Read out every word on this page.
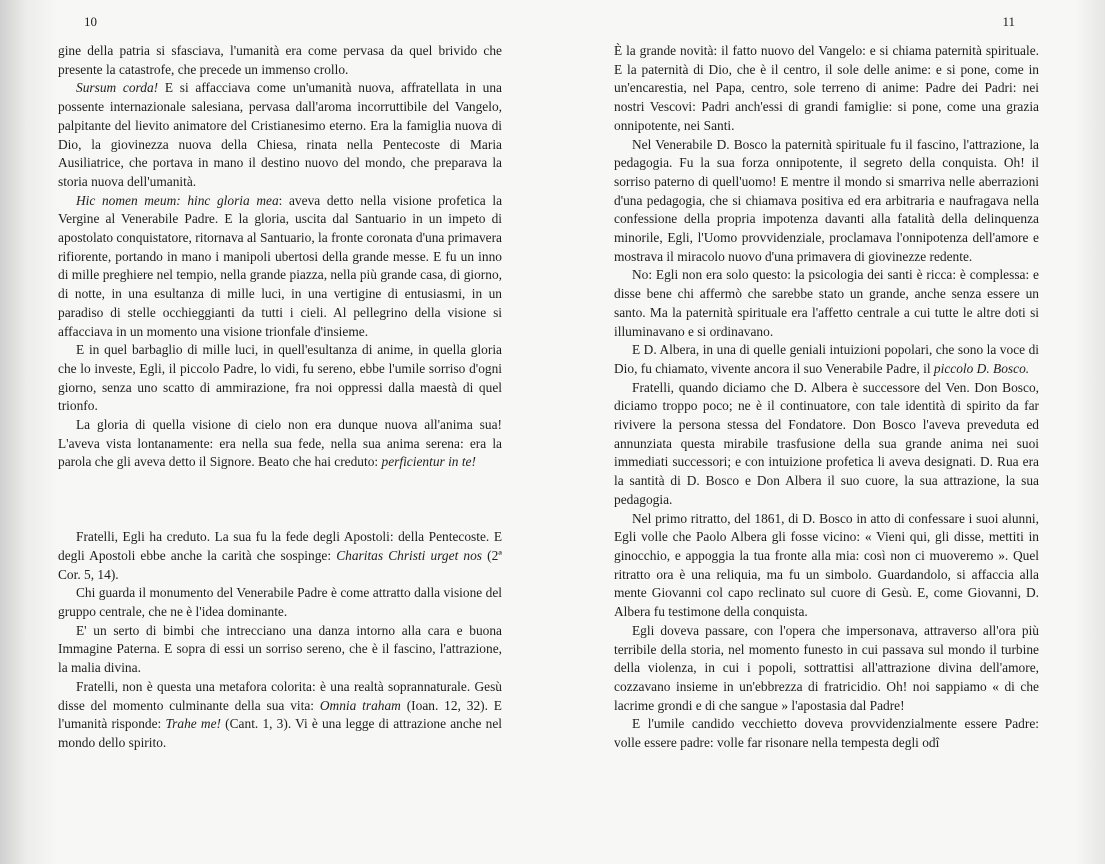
10

gine della patria si sfasciava, l'umanità era come pervasa da quel brivido che presente la catastrofe, che precede un immenso crollo.

Sursum corda! E si affacciava come un'umanità nuova, affratellata in una possente internazionale salesiana, pervasa dall'aroma incorruttibile del Vangelo, palpitante del lievito animatore del Cristianesimo eterno. Era la famiglia nuova di Dio, la giovinezza nuova della Chiesa, rinata nella Pentecoste di Maria Ausiliatrice, che portava in mano il destino nuovo del mondo, che preparava la storia nuova dell'umanità.

Hic nomen meum: hinc gloria mea: aveva detto nella visione profetica la Vergine al Venerabile Padre. E la gloria, uscita dal Santuario in un impeto di apostolato conquistatore, ritornava al Santuario, la fronte coronata d'una primavera rifiorente, portando in mano i manipoli ubertosi della grande messe. E fu un inno di mille preghiere nel tempio, nella grande piazza, nella più grande casa, di giorno, di notte, in una esultanza di mille luci, in una vertigine di entusiasmi, in un paradiso di stelle occhieggianti da tutti i cieli. Al pellegrino della visione si affacciava in un momento una visione trionfale d'insieme.

E in quel barbaglio di mille luci, in quell'esultanza di anime, in quella gloria che lo investe, Egli, il piccolo Padre, lo vidi, fu sereno, ebbe l'umile sorriso d'ogni giorno, senza uno scatto di ammirazione, fra noi oppressi dalla maestà di quel trionfo.

La gloria di quella visione di cielo non era dunque nuova all'anima sua! L'aveva vista lontanamente: era nella sua fede, nella sua anima serena: era la parola che gli aveva detto il Signore. Beato che hai creduto: perficientur in te!

Fratelli, Egli ha creduto. La sua fu la fede degli Apostoli: della Pentecoste. E degli Apostoli ebbe anche la carità che sospinge: Charitas Christi urget nos (2ª Cor. 5, 14).

Chi guarda il monumento del Venerabile Padre è come attratto dalla visione del gruppo centrale, che ne è l'idea dominante.

E' un serto di bimbi che intrecciano una danza intorno alla cara e buona Immagine Paterna. E sopra di essi un sorriso sereno, che è il fascino, l'attrazione, la malia divina.

Fratelli, non è questa una metafora colorita: è una realtà soprannaturale. Gesù disse del momento culminante della sua vita: Omnia traham (Ioan. 12, 32). E l'umanità risponde: Trahe me! (Cant. 1, 3). Vi è una legge di attrazione anche nel mondo dello spirito.

11

È la grande novità: il fatto nuovo del Vangelo: e si chiama paternità spirituale. E la paternità di Dio, che è il centro, il sole delle anime: e si pone, come in un'encarestia, nel Papa, centro, sole terreno di anime: Padre dei Padri: nei nostri Vescovi: Padri anch'essi di grandi famiglie: si pone, come una grazia onnipotente, nei Santi.

Nel Venerabile D. Bosco la paternità spirituale fu il fascino, l'attrazione, la pedagogia. Fu la sua forza onnipotente, il segreto della conquista. Oh! il sorriso paterno di quell'uomo! E mentre il mondo si smarriva nelle aberrazioni d'una pedagogia, che si chiamava positiva ed era arbitraria e naufragava nella confessione della propria impotenza davanti alla fatalità della delinquenza minorile, Egli, l'Uomo provvidenziale, proclamava l'onnipotenza dell'amore e mostrava il miracolo nuovo d'una primavera di giovinezze redente.

No: Egli non era solo questo: la psicologia dei santi è ricca: è complessa: e disse bene chi affermò che sarebbe stato un grande, anche senza essere un santo. Ma la paternità spirituale era l'affetto centrale a cui tutte le altre doti si illuminavano e si ordinavano.

E D. Albera, in una di quelle geniali intuizioni popolari, che sono la voce di Dio, fu chiamato, vivente ancora il suo Venerabile Padre, il piccolo D. Bosco.

Fratelli, quando diciamo che D. Albera è successore del Ven. Don Bosco, diciamo troppo poco; ne è il continuatore, con tale identità di spirito da far rivivere la persona stessa del Fondatore. Don Bosco l'aveva preveduta ed annunziata questa mirabile trasfusione della sua grande anima nei suoi immediati successori; e con intuizione profetica li aveva designati. D. Rua era la santità di D. Bosco e Don Albera il suo cuore, la sua attrazione, la sua pedagogia.

Nel primo ritratto, del 1861, di D. Bosco in atto di confessare i suoi alunni, Egli volle che Paolo Albera gli fosse vicino: « Vieni qui, gli disse, mettiti in ginocchio, e appoggia la tua fronte alla mia: così non ci muoveremo ». Quel ritratto ora è una reliquia, ma fu un simbolo. Guardandolo, si affaccia alla mente Giovanni col capo reclinato sul cuore di Gesù. E, come Giovanni, D. Albera fu testimone della conquista.

Egli doveva passare, con l'opera che impersonava, attraverso all'ora più terribile della storia, nel momento funesto in cui passava sul mondo il turbine della violenza, in cui i popoli, sottrattisi all'attrazione divina dell'amore, cozzavano insieme in un'ebbrezza di fratricidio. Oh! noi sappiamo « di che lacrime grondi e di che sangue » l'apostasia dal Padre!

E l'umile candido vecchietto doveva provvidenzialmente essere Padre: volle essere padre: volle far risonare nella tempesta degli odî
